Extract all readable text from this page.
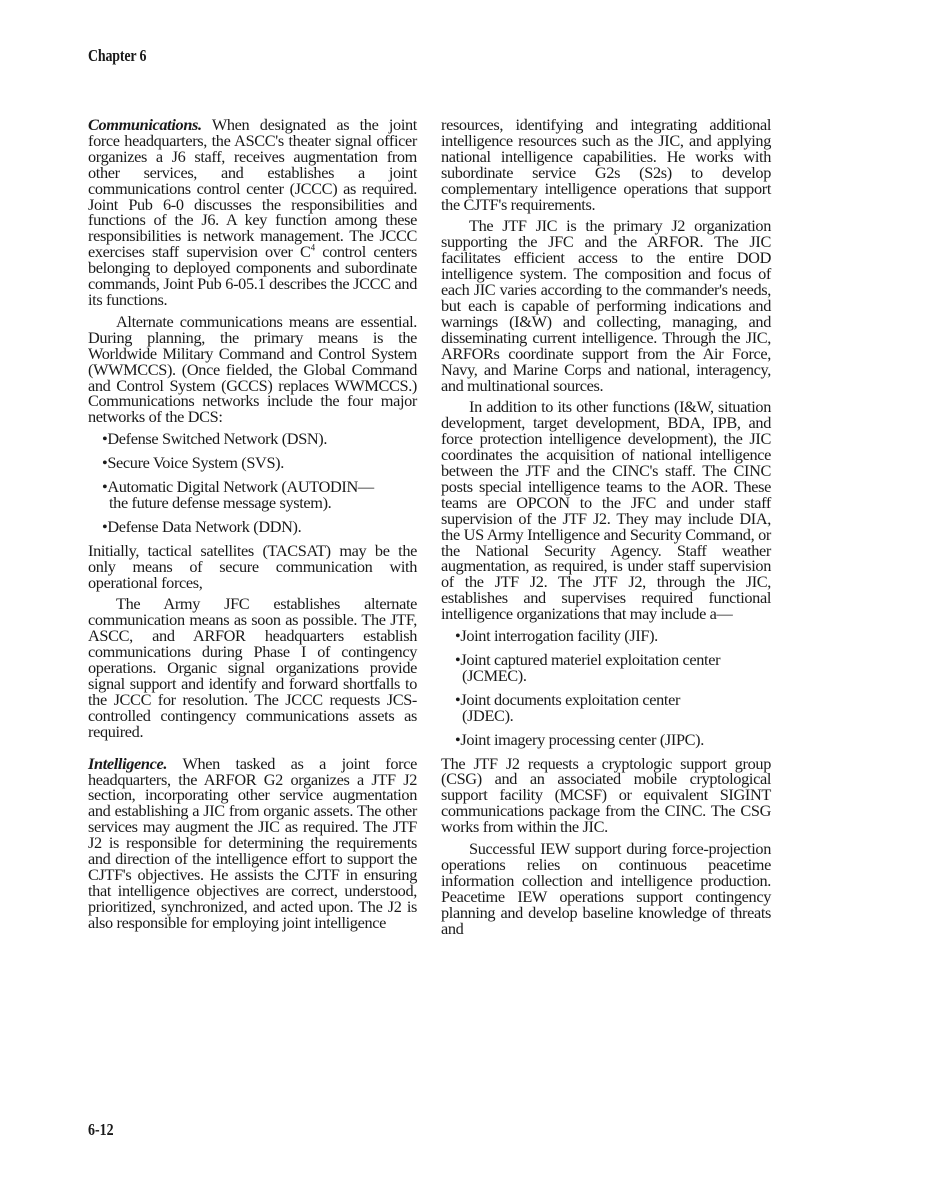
Chapter 6

Communications. When designated as the joint force headquarters, the ASCC's theater signal officer organizes a J6 staff, receives augmentation from other services, and establishes a joint communications control center (JCCC) as required. Joint Pub 6-0 discusses the responsibilities and functions of the J6. A key function among these responsibilities is network management. The JCCC exercises staff supervision over $C^4$ control centers belonging to deployed components and subordinate commands, Joint Pub 6-05.1 describes the JCCC and its functions.

Alternate communications means are essential. During planning, the primary means is the Worldwide Military Command and Control System (WWMCCS). (Once fielded, the Global Command and Control System (GCCS) replaces WWMCCS.) Communications networks include the four major networks of the DCS:

•Defense Switched Network (DSN).
•Secure Voice System (SVS).
•Automatic Digital Network (AUTODIN—
the future defense message system).
•Defense Data Network (DDN).

Initially, tactical satellites (TACSAT) may be the only means of secure communication with operational forces,

The Army JFC establishes alternate communication means as soon as possible. The JTF, ASCC, and ARFOR headquarters establish communications during Phase I of contingency operations. Organic signal organizations provide signal support and identify and forward shortfalls to the JCCC for resolution. The JCCC requests JCS-controlled contingency communications assets as required.

Intelligence. When tasked as a joint force headquarters, the ARFOR G2 organizes a JTF J2 section, incorporating other service augmentation and establishing a JIC from organic assets. The other services may augment the JIC as required. The JTF J2 is responsible for determining the requirements and direction of the intelligence effort to support the CJTF's objectives. He assists the CJTF in ensuring that intelligence objectives are correct, understood, prioritized, synchronized, and acted upon. The J2 is also responsible for employing joint intelligence

resources, identifying and integrating additional intelligence resources such as the JIC, and applying national intelligence capabilities. He works with subordinate service G2s (S2s) to develop complementary intelligence operations that support the CJTF's requirements.

The JTF JIC is the primary J2 organization supporting the JFC and the ARFOR. The JIC facilitates efficient access to the entire DOD intelligence system. The composition and focus of each JIC varies according to the commander's needs, but each is capable of performing indications and warnings (I&W) and collecting, managing, and disseminating current intelligence. Through the JIC, ARFORs coordinate support from the Air Force, Navy, and Marine Corps and national, interagency, and multinational sources.

In addition to its other functions (I&W, situation development, target development, BDA, IPB, and force protection intelligence development), the JIC coordinates the acquisition of national intelligence between the JTF and the CINC's staff. The CINC posts special intelligence teams to the AOR. These teams are OPCON to the JFC and under staff supervision of the JTF J2. They may include DIA, the US Army Intelligence and Security Command, or the National Security Agency. Staff weather augmentation, as required, is under staff supervision of the JTF J2. The JTF J2, through the JIC, establishes and supervises required functional intelligence organizations that may include a—

•Joint interrogation facility (JIF).
•Joint captured materiel exploitation center
(JCMEC).
•Joint documents exploitation center
(JDEC).
•Joint imagery processing center (JIPC).

The JTF J2 requests a cryptologic support group (CSG) and an associated mobile cryptological support facility (MCSF) or equivalent SIGINT communications package from the CINC. The CSG works from within the JIC.

Successful IEW support during force-projection operations relies on continuous peacetime information collection and intelligence production. Peacetime IEW operations support contingency planning and develop baseline knowledge of threats and

6-12
